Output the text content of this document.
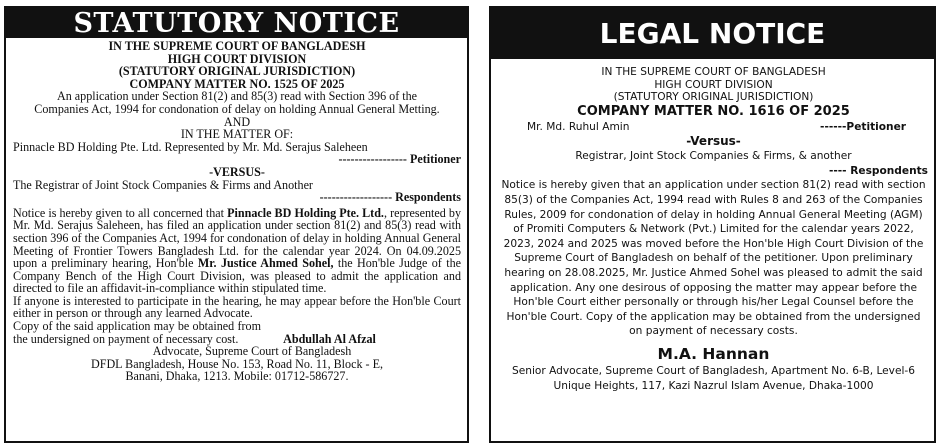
STATUTORY NOTICE
IN THE SUPREME COURT OF BANGLADESH
HIGH COURT DIVISION
(STATUTORY ORIGINAL JURISDICTION)
COMPANY MATTER NO. 1525 OF 2025
An application under Section 81(2) and 85(3) read with Section 396 of the
Companies Act, 1994 for condonation of delay on holding Annual General Metting.
AND
IN THE MATTER OF:
Pinnacle BD Holding Pte. Ltd. Represented by Mr. Md. Serajus Saleheen
----------------- Petitioner
-VERSUS-
The Registrar of Joint Stock Companies & Firms and Another
------------------ Respondents
Notice is hereby given to all concerned that Pinnacle BD Holding Pte. Ltd., represented by Mr. Md. Serajus Saleheen, has filed an application under section 81(2) and 85(3) read with section 396 of the Companies Act, 1994 for condonation of delay in holding Annual General Meeting of Frontier Towers Bangladesh Ltd. for the calendar year 2024. On 04.09.2025 upon a preliminary hearing, Hon'ble Mr. Justice Ahmed Sohel, the Hon'ble Judge of the Company Bench of the High Court Division, was pleased to admit the application and directed to file an affidavit-in-compliance within stipulated time.
If anyone is interested to participate in the hearing, he may appear before the Hon'ble Court either in person or through any learned Advocate.
Copy of the said application may be obtained from the undersigned on payment of necessary cost.	Abdullah Al Afzal
Advocate, Supreme Court of Bangladesh
DFDL Bangladesh, House No. 153, Road No. 11, Block - E,
Banani, Dhaka, 1213. Mobile: 01712-586727.
LEGAL NOTICE
IN THE SUPREME COURT OF BANGLADESH
HIGH COURT DIVISION
(STATUTORY ORIGINAL JURISDICTION)
COMPANY MATTER NO. 1616 OF 2025
Mr. Md. Ruhul Amin	------Petitioner
-Versus-
Registrar, Joint Stock Companies & Firms, & another
---- Respondents
Notice is hereby given that an application under section 81(2) read with section
85(3) of the Companies Act, 1994 read with Rules 8 and 263 of the Companies
Rules, 2009 for condonation of delay in holding Annual General Meeting (AGM)
of Promiti Computers & Network (Pvt.) Limited for the calendar years 2022,
2023, 2024 and 2025 was moved before the Hon'ble High Court Division of the
Supreme Court of Bangladesh on behalf of the petitioner. Upon preliminary
hearing on 28.08.2025, Mr. Justice Ahmed Sohel was pleased to admit the said
application. Any one desirous of opposing the matter may appear before the
Hon'ble Court either personally or through his/her Legal Counsel before the
Hon'ble Court. Copy of the application may be obtained from the undersigned
on payment of necessary costs.
M.A. Hannan
Senior Advocate, Supreme Court of Bangladesh, Apartment No. 6-B, Level-6
Unique Heights, 117, Kazi Nazrul Islam Avenue, Dhaka-1000
